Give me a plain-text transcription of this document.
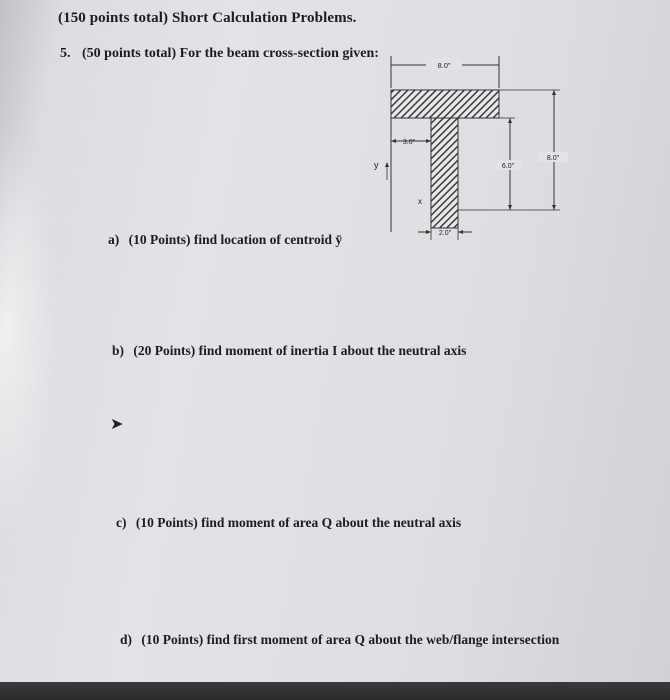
(150 points total) Short Calculation Problems.
5. (50 points total) For the beam cross-section given:
8.0"
3.0"
y
x
6.0"
8.0"
2.0"
a) (10 Points) find location of centroid ȳ
b) (20 Points) find moment of inertia I about the neutral axis
➤
c) (10 Points) find moment of area Q about the neutral axis
d) (10 Points) find first moment of area Q about the web/flange intersection
